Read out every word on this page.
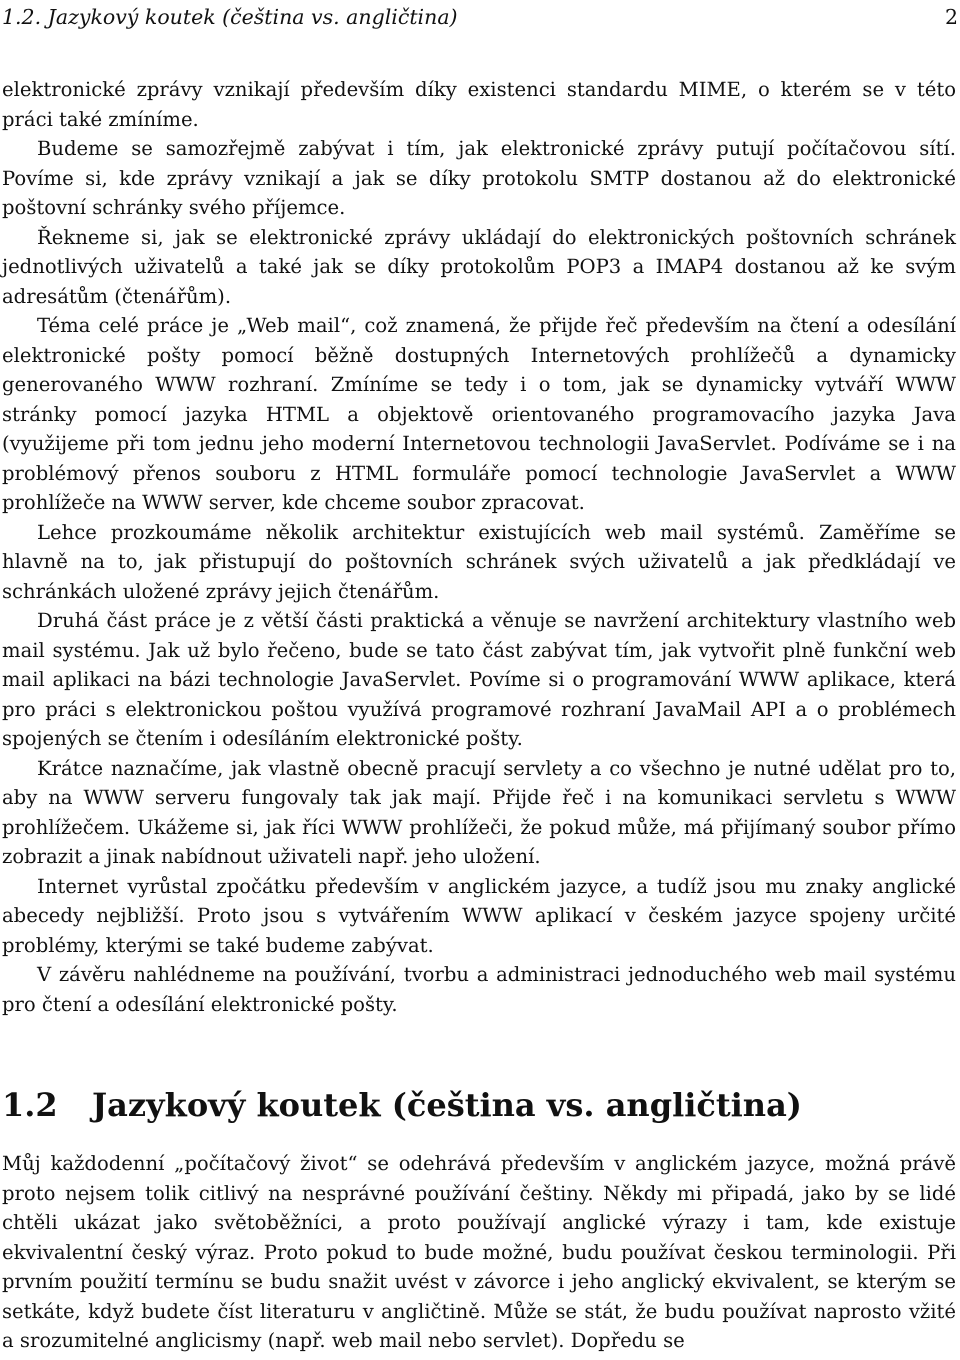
1.2. Jazykový koutek (čeština vs. angličtina)	2

elektronické zprávy vznikají především díky existenci standardu MIME, o kterém se v této práci také zmíníme.

Budeme se samozřejmě zabývat i tím, jak elektronické zprávy putují počítačovou sítí. Povíme si, kde zprávy vznikají a jak se díky protokolu SMTP dostanou až do elektronické poštovní schránky svého příjemce.

Řekneme si, jak se elektronické zprávy ukládají do elektronických poštovních schránek jednotlivých uživatelů a také jak se díky protokolům POP3 a IMAP4 dostanou až ke svým adresátům (čtenářům).

Téma celé práce je „Web mail“, což znamená, že přijde řeč především na čtení a odesílání elektronické pošty pomocí běžně dostupných Internetových prohlížečů a dynamicky generovaného WWW rozhraní. Zmíníme se tedy i o tom, jak se dynamicky vytváří WWW stránky pomocí jazyka HTML a objektově orientovaného programovacího jazyka Java (využijeme při tom jednu jeho moderní Internetovou technologii JavaServlet. Podíváme se i na problémový přenos souboru z HTML formuláře pomocí technologie JavaServlet a WWW prohlížeče na WWW server, kde chceme soubor zpracovat.

Lehce prozkoumáme několik architektur existujících web mail systémů. Zaměříme se hlavně na to, jak přistupují do poštovních schránek svých uživatelů a jak předkládají ve schránkách uložené zprávy jejich čtenářům.

Druhá část práce je z větší části praktická a věnuje se navržení architektury vlastního web mail systému. Jak už bylo řečeno, bude se tato část zabývat tím, jak vytvořit plně funkční web mail aplikaci na bázi technologie JavaServlet. Povíme si o programování WWW aplikace, která pro práci s elektronickou poštou využívá programové rozhraní JavaMail API a o problémech spojených se čtením i odesíláním elektronické pošty.

Krátce naznačíme, jak vlastně obecně pracují servlety a co všechno je nutné udělat pro to, aby na WWW serveru fungovaly tak jak mají. Přijde řeč i na komunikaci servletu s WWW prohlížečem. Ukážeme si, jak říci WWW prohlížeči, že pokud může, má přijímaný soubor přímo zobrazit a jinak nabídnout uživateli např. jeho uložení.

Internet vyrůstal zpočátku především v anglickém jazyce, a tudíž jsou mu znaky anglické abecedy nejbližší. Proto jsou s vytvářením WWW aplikací v českém jazyce spojeny určité problémy, kterými se také budeme zabývat.

V závěru nahlédneme na používání, tvorbu a administraci jednoduchého web mail systému pro čtení a odesílání elektronické pošty.

1.2 Jazykový koutek (čeština vs. angličtina)

Můj každodenní „počítačový život“ se odehrává především v anglickém jazyce, možná právě proto nejsem tolik citlivý na nesprávné používání češtiny. Někdy mi připadá, jako by se lidé chtěli ukázat jako světoběžníci, a proto používají anglické výrazy i tam, kde existuje ekvivalentní český výraz. Proto pokud to bude možné, budu používat českou terminologii. Při prvním použití termínu se budu snažit uvést v závorce i jeho anglický ekvivalent, se kterým se setkáte, když budete číst literaturu v angličtině. Může se stát, že budu používat naprosto vžité a srozumitelné anglicismy (např. web mail nebo servlet). Dopředu se
